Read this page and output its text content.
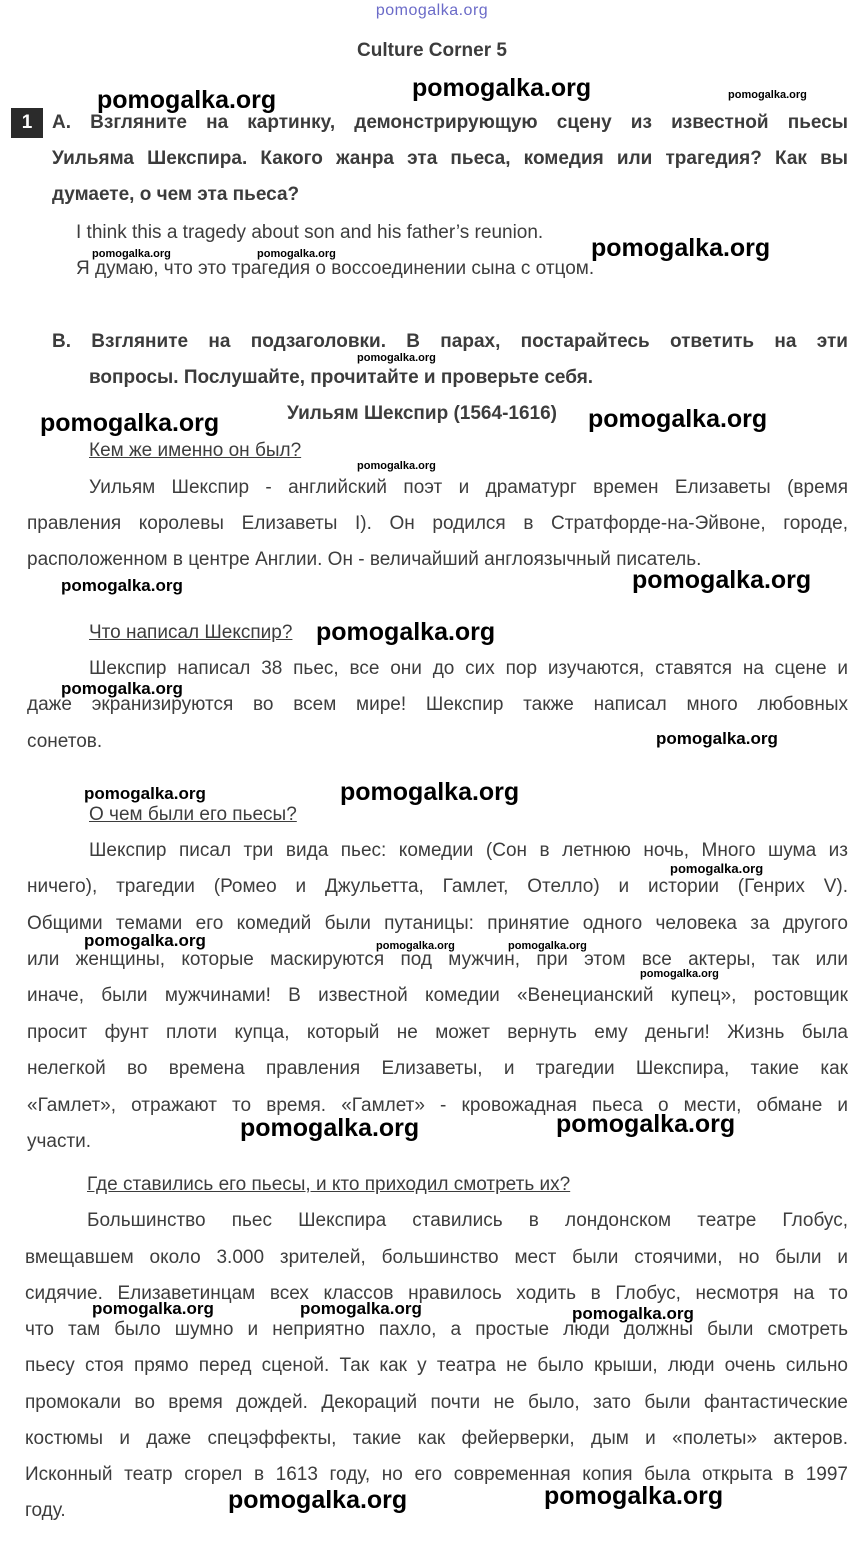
pomogalka.org
Culture Corner 5
1	A. Взгляните на картинку, демонстрирующую сцену из известной пьесы
Уильяма Шекспира. Какого жанра эта пьеса, комедия или трагедия? Как вы
думаете, о чем эта пьеса?
I think this a tragedy about son and his father’s reunion.
Я думаю, что это трагедия о воссоединении сына с отцом.
B. Взгляните на подзаголовки. В парах, постарайтесь ответить на эти
вопросы. Послушайте, прочитайте и проверьте себя.
Уильям Шекспир (1564-1616)
Кем же именно он был?
Уильям Шекспир - английский поэт и драматург времен Елизаветы (время
правления королевы Елизаветы I). Он родился в Стратфорде-на-Эйвоне, городе,
расположенном в центре Англии. Он - величайший англоязычный писатель.
Что написал Шекспир?
Шекспир написал 38 пьес, все они до сих пор изучаются, ставятся на сцене и
даже экранизируются во всем мире! Шекспир также написал много любовных
сонетов.
О чем были его пьесы?
Шекспир писал три вида пьес: комедии (Сон в летнюю ночь, Много шума из
ничего), трагедии (Ромео и Джульетта, Гамлет, Отелло) и истории (Генрих V).
Общими темами его комедий были путаницы: принятие одного человека за другого
или женщины, которые маскируются под мужчин, при этом все актеры, так или
иначе, были мужчинами! В известной комедии «Венецианский купец», ростовщик
просит фунт плоти купца, который не может вернуть ему деньги! Жизнь была
нелегкой во времена правления Елизаветы, и трагедии Шекспира, такие как
«Гамлет», отражают то время. «Гамлет» - кровожадная пьеса о мести, обмане и
участи.
Где ставились его пьесы, и кто приходил смотреть их?
Большинство пьес Шекспира ставились в лондонском театре Глобус,
вмещавшем около 3.000 зрителей, большинство мест были стоячими, но были и
сидячие. Елизаветинцам всех классов нравилось ходить в Глобус, несмотря на то
что там было шумно и неприятно пахло, а простые люди должны были смотреть
пьесу стоя прямо перед сценой. Так как у театра не было крыши, люди очень сильно
промокали во время дождей. Декораций почти не было, зато были фантастические
костюмы и даже спецэффекты, такие как фейерверки, дым и «полеты» актеров.
Исконный театр сгорел в 1613 году, но его современная копия была открыта в 1997
году.
pomogalka.org	pomogalka.org	pomogalka.org
pomogalka.org	pomogalka.org	pomogalka.org
pomogalka.org
pomogalka.org	pomogalka.org
pomogalka.org
pomogalka.org	pomogalka.org
pomogalka.org
pomogalka.org
pomogalka.org
pomogalka.org	pomogalka.org
pomogalka.org
pomogalka.org	pomogalka.org	pomogalka.org
pomogalka.org
pomogalka.org	pomogalka.org
pomogalka.org	pomogalka.org	pomogalka.org
pomogalka.org	pomogalka.org
